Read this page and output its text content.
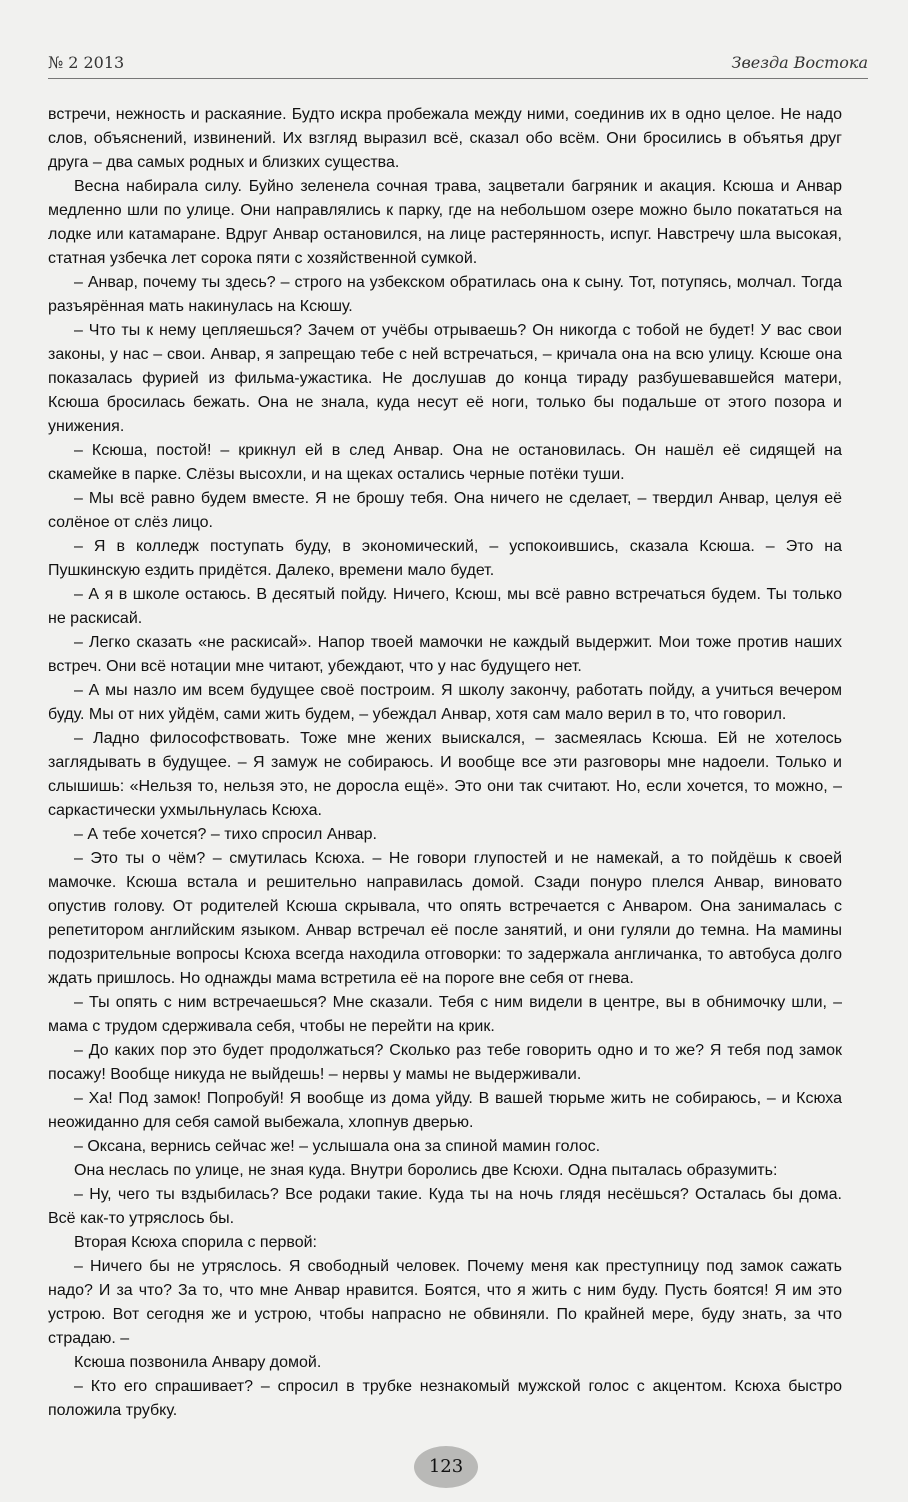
№ 2 2013	Звезда Востока

встречи, нежность и раскаяние. Будто искра пробежала между ними, соединив их в одно целое. Не надо слов, объяснений, извинений. Их взгляд выразил всё, сказал обо всём. Они бросились в объятья друг друга – два самых родных и близких существа.

Весна набирала силу. Буйно зеленела сочная трава, зацветали багряник и акация. Ксюша и Анвар медленно шли по улице. Они направлялись к парку, где на небольшом озере можно было покататься на лодке или катамаране. Вдруг Анвар остановился, на лице растерянность, испуг. Навстречу шла высокая, статная узбечка лет сорока пяти с хозяйственной сумкой.

– Анвар, почему ты здесь? – строго на узбекском обратилась она к сыну. Тот, потупясь, молчал. Тогда разъярённая мать накинулась на Ксюшу.

– Что ты к нему цепляешься? Зачем от учёбы отрываешь? Он никогда с тобой не будет! У вас свои законы, у нас – свои. Анвар, я запрещаю тебе с ней встречаться, – кричала она на всю улицу. Ксюше она показалась фурией из фильма-ужастика. Не дослушав до конца тираду разбушевавшейся матери, Ксюша бросилась бежать. Она не знала, куда несут её ноги, только бы подальше от этого позора и унижения.

– Ксюша, постой! – крикнул ей в след Анвар. Она не остановилась. Он нашёл её сидящей на скамейке в парке. Слёзы высохли, и на щеках остались черные потёки туши.

– Мы всё равно будем вместе. Я не брошу тебя. Она ничего не сделает, – твердил Анвар, целуя её солёное от слёз лицо.

– Я в колледж поступать буду, в экономический, – успокоившись, сказала Ксюша. – Это на Пушкинскую ездить придётся. Далеко, времени мало будет.

– А я в школе остаюсь. В десятый пойду. Ничего, Ксюш, мы всё равно встречаться будем. Ты только не раскисай.

– Легко сказать «не раскисай». Напор твоей мамочки не каждый выдержит. Мои тоже против наших встреч. Они всё нотации мне читают, убеждают, что у нас будущего нет.

– А мы назло им всем будущее своё построим. Я школу закончу, работать пойду, а учиться вечером буду. Мы от них уйдём, сами жить будем, – убеждал Анвар, хотя сам мало верил в то, что говорил.

– Ладно философствовать. Тоже мне жених выискался, – засмеялась Ксюша. Ей не хотелось заглядывать в будущее. – Я замуж не собираюсь. И вообще все эти разговоры мне надоели. Только и слышишь: «Нельзя то, нельзя это, не доросла ещё». Это они так считают. Но, если хочется, то можно, – саркастически ухмыльнулась Ксюха.

– А тебе хочется? – тихо спросил Анвар.

– Это ты о чём? – смутилась Ксюха. – Не говори глупостей и не намекай, а то пойдёшь к своей мамочке. Ксюша встала и решительно направилась домой. Сзади понуро плелся Анвар, виновато опустив голову. От родителей Ксюша скрывала, что опять встречается с Анваром. Она занималась с репетитором английским языком. Анвар встречал её после занятий, и они гуляли до темна. На мамины подозрительные вопросы Ксюха всегда находила отговорки: то задержала англичанка, то автобуса долго ждать пришлось. Но однажды мама встретила её на пороге вне себя от гнева.

– Ты опять с ним встречаешься? Мне сказали. Тебя с ним видели в центре, вы в обнимочку шли, – мама с трудом сдерживала себя, чтобы не перейти на крик.

– До каких пор это будет продолжаться? Сколько раз тебе говорить одно и то же? Я тебя под замок посажу! Вообще никуда не выйдешь! – нервы у мамы не выдерживали.

– Ха! Под замок! Попробуй! Я вообще из дома уйду. В вашей тюрьме жить не собираюсь, – и Ксюха неожиданно для себя самой выбежала, хлопнув дверью.

– Оксана, вернись сейчас же! – услышала она за спиной мамин голос.

Она неслась по улице, не зная куда. Внутри боролись две Ксюхи. Одна пыталась образумить:

– Ну, чего ты вздыбилась? Все родаки такие. Куда ты на ночь глядя несёшься? Осталась бы дома. Всё как-то утряслось бы.

Вторая Ксюха спорила с первой:

– Ничего бы не утряслось. Я свободный человек. Почему меня как преступницу под замок сажать надо? И за что? За то, что мне Анвар нравится. Боятся, что я жить с ним буду. Пусть боятся! Я им это устрою. Вот сегодня же и устрою, чтобы напрасно не обвиняли. По крайней мере, буду знать, за что страдаю. –

Ксюша позвонила Анвару домой.

– Кто его спрашивает? – спросил в трубке незнакомый мужской голос с акцентом. Ксюха быстро положила трубку.

123
